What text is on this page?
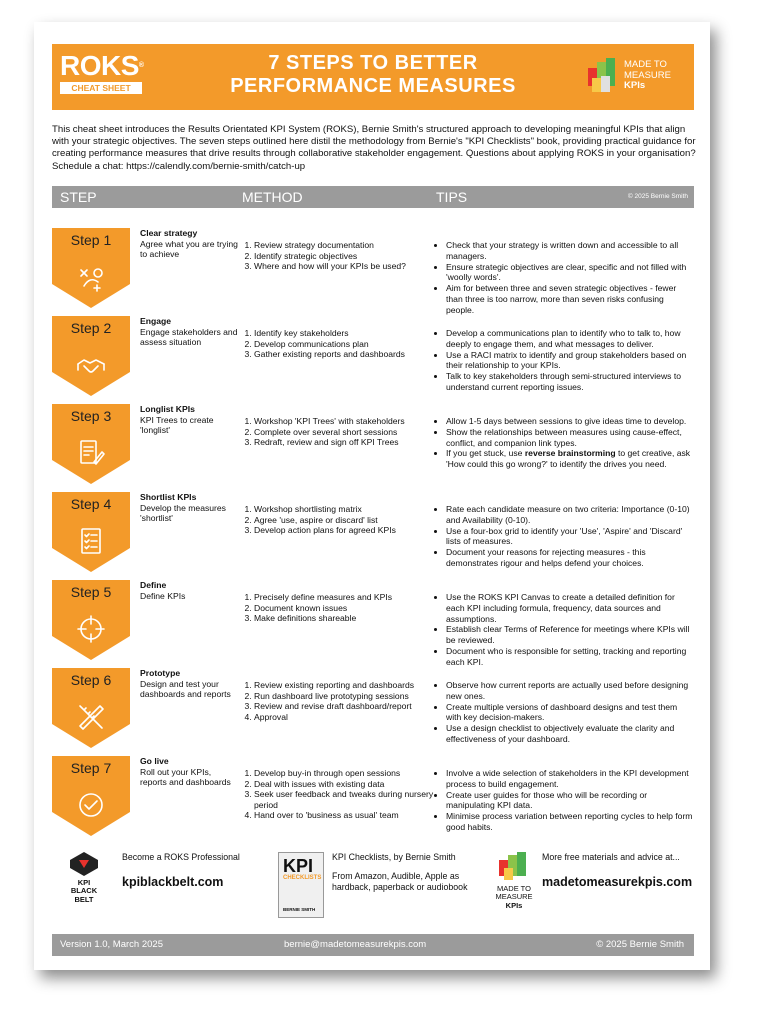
ROKS®
CHEAT SHEET
7 STEPS TO BETTER
PERFORMANCE MEASURES
MADE TO
MEASURE
KPIs
This cheat sheet introduces the Results Orientated KPI System (ROKS), Bernie Smith's structured approach to developing meaningful KPIs that align with your strategic objectives. The seven steps outlined here distil the methodology from Bernie's "KPI Checklists" book, providing practical guidance for creating performance measures that drive results through collaborative stakeholder engagement. Questions about applying ROKS in your organisation? Schedule a chat: https://calendly.com/bernie-smith/catch-up
STEP	METHOD	TIPS	© 2025 Bernie Smith
Step 1	Clear strategy
Agree what you are trying to achieve
1. Review strategy documentation
2. Identify strategic objectives
3. Where and how will your KPIs be used?
• Check that your strategy is written down and accessible to all managers.
• Ensure strategic objectives are clear, specific and not filled with 'woolly words'.
• Aim for between three and seven strategic objectives - fewer than three is too narrow, more than seven risks confusing people.
Step 2	Engage
Engage stakeholders and assess situation
1. Identify key stakeholders
2. Develop communications plan
3. Gather existing reports and dashboards
• Develop a communications plan to identify who to talk to, how deeply to engage them, and what messages to deliver.
• Use a RACI matrix to identify and group stakeholders based on their relationship to your KPIs.
• Talk to key stakeholders through semi-structured interviews to understand current reporting issues.
Step 3	Longlist KPIs
KPI Trees to create 'longlist'
1. Workshop 'KPI Trees' with stakeholders
2. Complete over several short sessions
3. Redraft, review and sign off KPI Trees
• Allow 1-5 days between sessions to give ideas time to develop.
• Show the relationships between measures using cause-effect, conflict, and companion link types.
• If you get stuck, use reverse brainstorming to get creative, ask 'How could this go wrong?' to identify the drives you need.
Step 4	Shortlist KPIs
Develop the measures 'shortlist'
1. Workshop shortlisting matrix
2. Agree 'use, aspire or discard' list
3. Develop action plans for agreed KPIs
• Rate each candidate measure on two criteria: Importance (0-10) and Availability (0-10).
• Use a four-box grid to identify your 'Use', 'Aspire' and 'Discard' lists of measures.
• Document your reasons for rejecting measures - this demonstrates rigour and helps defend your choices.
Step 5	Define
Define KPIs
1.	Precisely define measures and KPIs
2. Document known issues
3. Make definitions shareable
• Use the ROKS KPI Canvas to create a detailed definition for each KPI including formula, frequency, data sources and assumptions.
• Establish clear Terms of Reference for meetings where KPIs will be reviewed.
• Document who is responsible for setting, tracking and reporting each KPI.
Step 6	Prototype
Design and test your dashboards and reports
1. Review existing reporting and dashboards
2. Run dashboard live prototyping sessions
3. Review and revise draft dashboard/report
4. Approval
• Observe how current reports are actually used before designing new ones.
• Create multiple versions of dashboard designs and test them with key decision-makers.
• Use a design checklist to objectively evaluate the clarity and effectiveness of your dashboard.
Step 7	Go live
Roll out your KPIs, reports and dashboards
1. Develop buy-in through open sessions
2. Deal with issues with existing data
3. Seek user feedback and tweaks during nursery period
4. Hand over to 'business as usual' team
• Involve a wide selection of stakeholders in the KPI development process to build engagement.
• Create user guides for those who will be recording or manipulating KPI data.
• Minimise process variation between reporting cycles to help form good habits.
KPI
BLACK
BELT
Become a ROKS Professional
kpiblackbelt.com
KPI
CHECKLISTS
BERNIE SMITH
KPI Checklists, by Bernie Smith
From Amazon, Audible, Apple as hardback, paperback or audiobook	MADE TO
MEASURE
KPIs
More free materials and advice at...
madetomeasurekpis.com
Version 1.0, March 2025	bernie@madetomeasurekpis.com	© 2025 Bernie Smith
